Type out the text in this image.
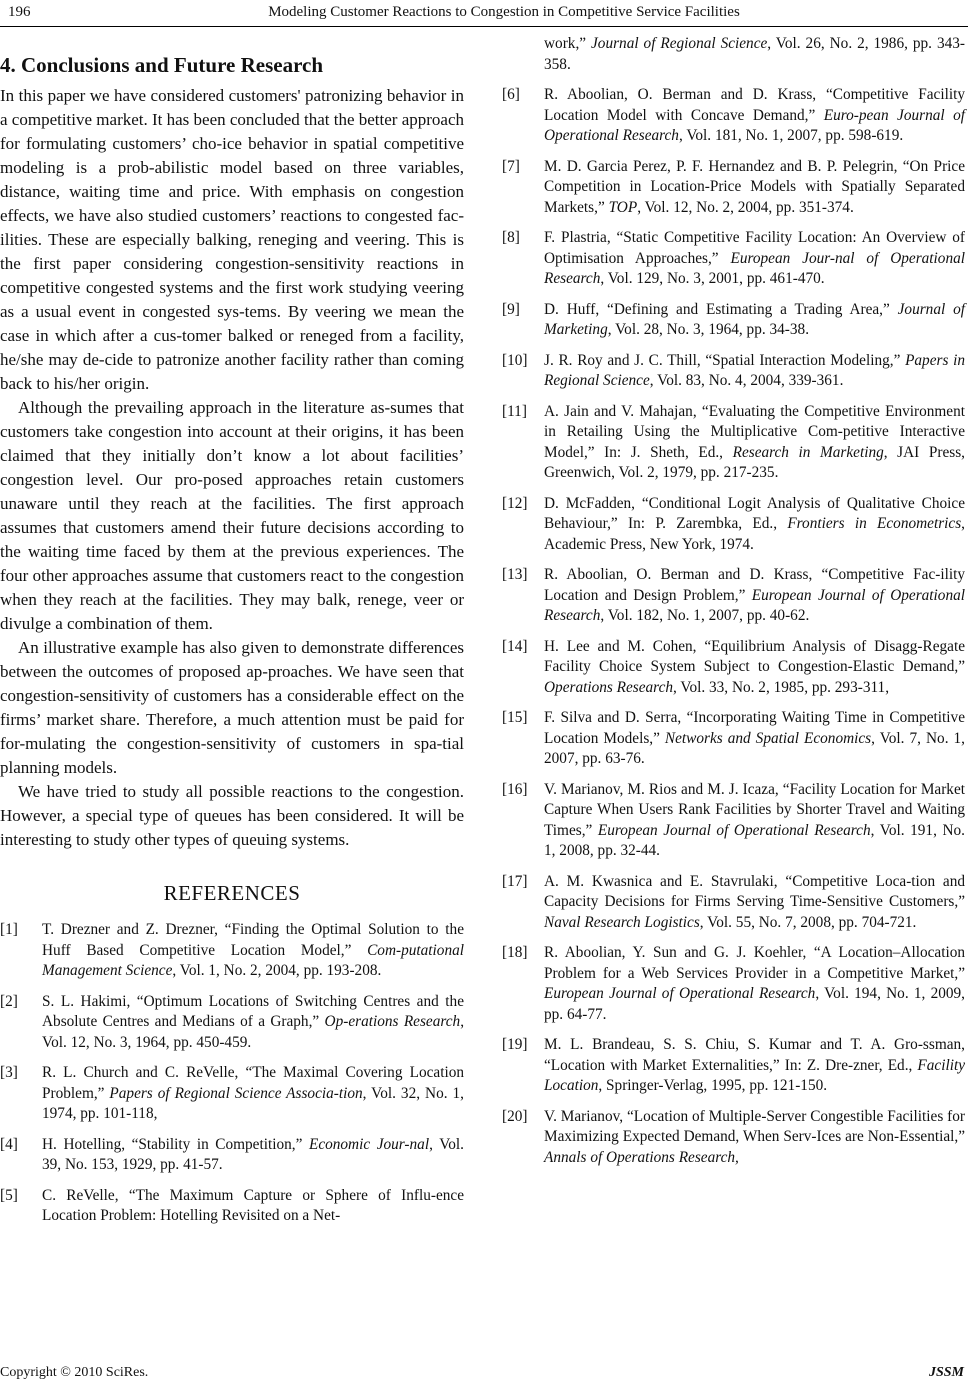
196	Modeling Customer Reactions to Congestion in Competitive Service Facilities
4. Conclusions and Future Research

In this paper we have considered customers' patronizing behavior in a competitive market. It has been concluded that the better approach for formulating customers’ cho-ice behavior in spatial competitive modeling is a prob-abilistic model based on three variables, distance, waiting time and price. With emphasis on congestion effects, we have also studied customers’ reactions to congested fac-ilities. These are especially balking, reneging and veering. This is the first paper considering congestion-sensitivity reactions in competitive congested systems and the first work studying veering as a usual event in congested sys-tems. By veering we mean the case in which after a cus-tomer balked or reneged from a facility, he/she may de-cide to patronize another facility rather than coming back to his/her origin.

Although the prevailing approach in the literature as-sumes that customers take congestion into account at their origins, it has been claimed that they initially don’t know a lot about facilities’ congestion level. Our pro-posed approaches retain customers unaware until they reach at the facilities. The first approach assumes that customers amend their future decisions according to the waiting time faced by them at the previous experiences. The four other approaches assume that customers react to the congestion when they reach at the facilities. They may balk, renege, veer or divulge a combination of them.

An illustrative example has also given to demonstrate differences between the outcomes of proposed ap-proaches. We have seen that congestion-sensitivity of customers has a considerable effect on the firms’ market share. Therefore, a much attention must be paid for for-mulating the congestion-sensitivity of customers in spa-tial planning models.

We have tried to study all possible reactions to the congestion. However, a special type of queues has been considered. It will be interesting to study other types of queuing systems.

REFERENCES
[1]	T. Drezner and Z. Drezner, “Finding the Optimal Solution to the Huff Based Competitive Location Model,” Com-putational Management Science, Vol. 1, No. 2, 2004, pp. 193-208.
[2]	S. L. Hakimi, “Optimum Locations of Switching Centres and the Absolute Centres and Medians of a Graph,” Op-erations Research, Vol. 12, No. 3, 1964, pp. 450-459.
[3]	R. L. Church and C. ReVelle, “The Maximal Covering Location Problem,” Papers of Regional Science Associa-tion, Vol. 32, No. 1, 1974, pp. 101-118,
[4]	H. Hotelling, “Stability in Competition,” Economic Jour-nal, Vol. 39, No. 153, 1929, pp. 41-57.
[5]	C. ReVelle, “The Maximum Capture or Sphere of Influ-ence Location Problem: Hotelling Revisited on a Net-
work,” Journal of Regional Science, Vol. 26, No. 2, 1986, pp. 343-358.
[6]	R. Aboolian, O. Berman and D. Krass, “Competitive Facility Location Model with Concave Demand,” Euro-pean Journal of Operational Research, Vol. 181, No. 1, 2007, pp. 598-619.
[7]	M. D. Garcia Perez, P. F. Hernandez and B. P. Pelegrin, “On Price Competition in Location-Price Models with Spatially Separated Markets,” TOP, Vol. 12, No. 2, 2004, pp. 351-374.
[8]	F. Plastria, “Static Competitive Facility Location: An Overview of Optimisation Approaches,” European Jour-nal of Operational Research, Vol. 129, No. 3, 2001, pp. 461-470.
[9]	D. Huff, “Defining and Estimating a Trading Area,” Journal of Marketing, Vol. 28, No. 3, 1964, pp. 34-38.
[10]	J. R. Roy and J. C. Thill, “Spatial Interaction Modeling,” Papers in Regional Science, Vol. 83, No. 4, 2004, 339-361.
[11]	A. Jain and V. Mahajan, “Evaluating the Competitive Environment in Retailing Using the Multiplicative Com-petitive Interactive Model,” In: J. Sheth, Ed., Research in Marketing, JAI Press, Greenwich, Vol. 2, 1979, pp. 217-235.
[12]	D. McFadden, “Conditional Logit Analysis of Qualitative Choice Behaviour,” In: P. Zarembka, Ed., Frontiers in Econometrics, Academic Press, New York, 1974.
[13]	R. Aboolian, O. Berman and D. Krass, “Competitive Fac-ility Location and Design Problem,” European Journal of Operational Research, Vol. 182, No. 1, 2007, pp. 40-62.
[14]	H. Lee and M. Cohen, “Equilibrium Analysis of Disagg-Regate Facility Choice System Subject to Congestion-Elastic Demand,” Operations Research, Vol. 33, No. 2, 1985, pp. 293-311,
[15]	F. Silva and D. Serra, “Incorporating Waiting Time in Competitive Location Models,” Networks and Spatial Economics, Vol. 7, No. 1, 2007, pp. 63-76.
[16]	V. Marianov, M. Rios and M. J. Icaza, “Facility Location for Market Capture When Users Rank Facilities by Shorter Travel and Waiting Times,” European Journal of Operational Research, Vol. 191, No. 1, 2008, pp. 32-44.
[17]	A. M. Kwasnica and E. Stavrulaki, “Competitive Loca-tion and Capacity Decisions for Firms Serving Time-Sensitive Customers,” Naval Research Logistics, Vol. 55, No. 7, 2008, pp. 704-721.
[18]	R. Aboolian, Y. Sun and G. J. Koehler, “A Location–Allocation Problem for a Web Services Provider in a Competitive Market,” European Journal of Operational Research, Vol. 194, No. 1, 2009, pp. 64-77.
[19]	M. L. Brandeau, S. S. Chiu, S. Kumar and T. A. Gro-ssman, “Location with Market Externalities,” In: Z. Dre-zner, Ed., Facility Location, Springer-Verlag, 1995, pp. 121-150.
[20]	V. Marianov, “Location of Multiple-Server Congestible Facilities for Maximizing Expected Demand, When Serv-Ices are Non-Essential,” Annals of Operations Research,
Copyright © 2010 SciRes.	JSSM
